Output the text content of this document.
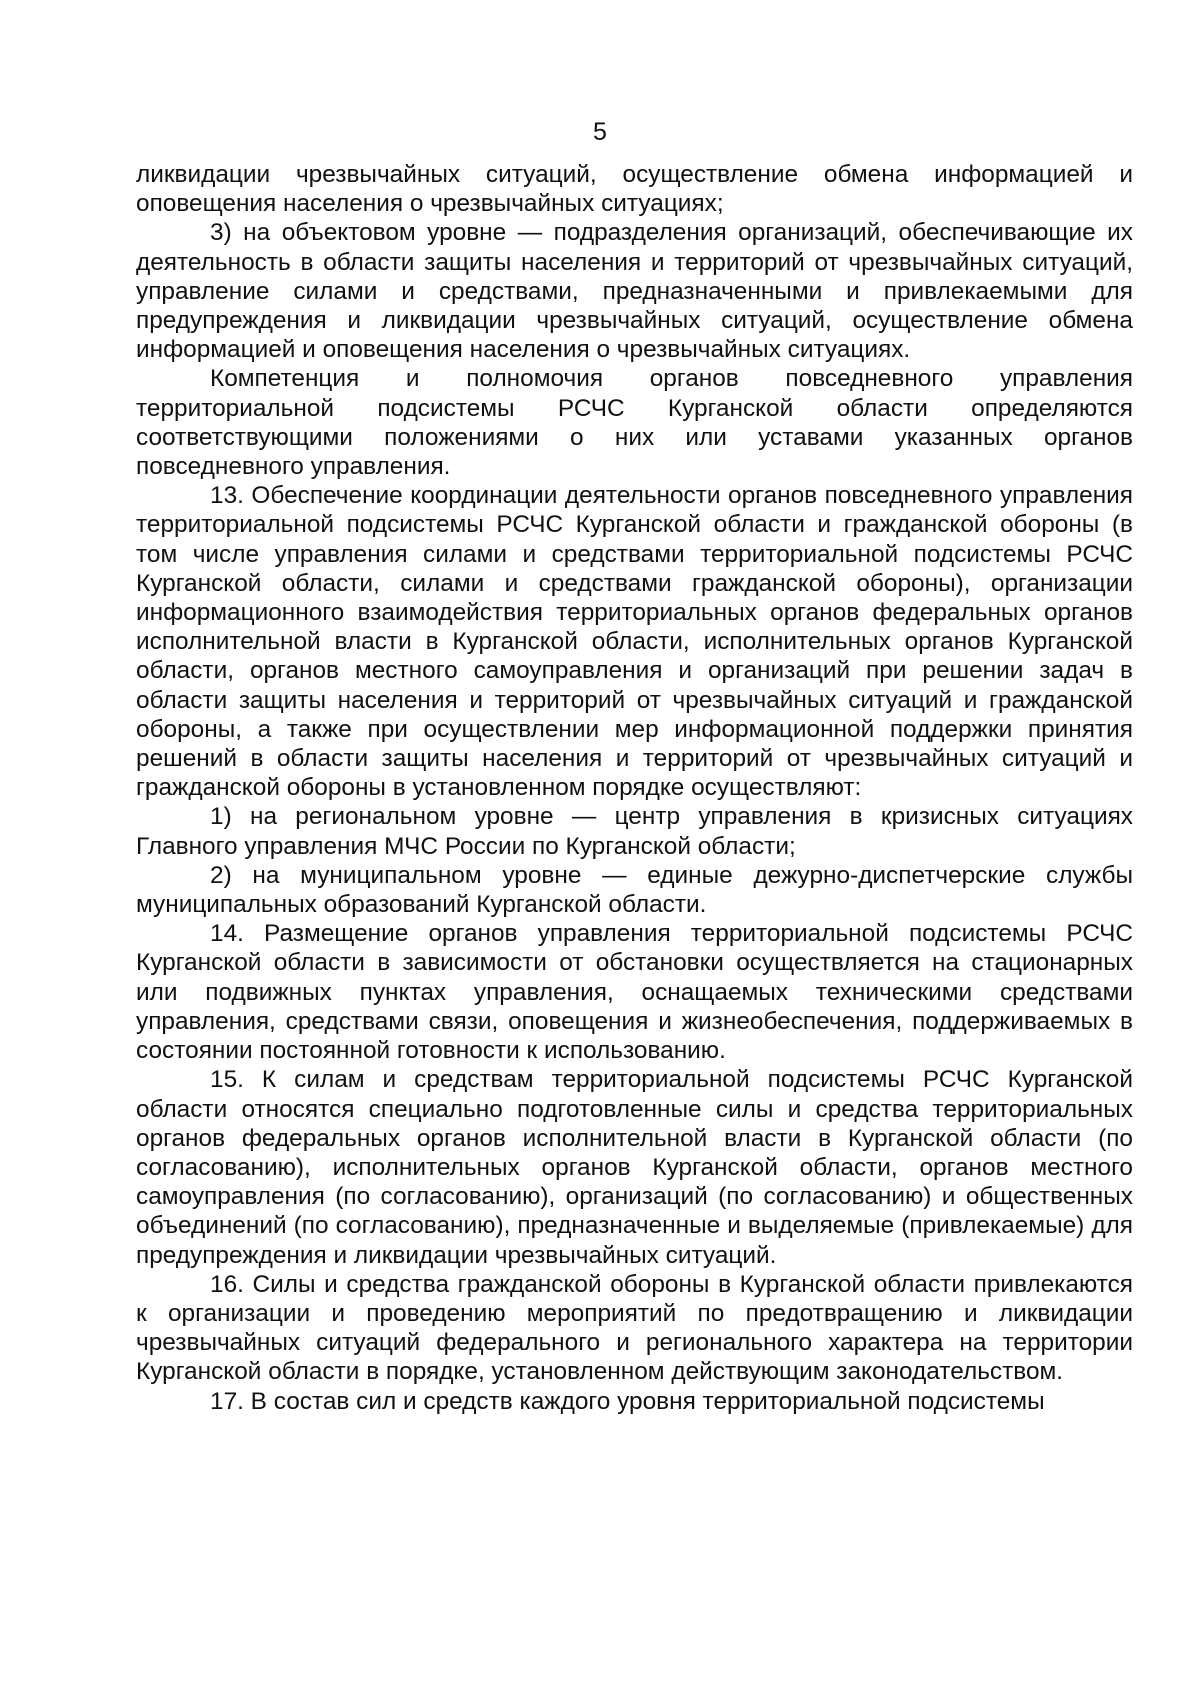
5

ликвидации чрезвычайных ситуаций, осуществление обмена информацией и оповещения населения о чрезвычайных ситуациях;

3) на объектовом уровне — подразделения организаций, обеспечивающие их деятельность в области защиты населения и территорий от чрезвычайных ситуаций, управление силами и средствами, предназначенными и привлекаемыми для предупреждения и ликвидации чрезвычайных ситуаций, осуществление обмена информацией и оповещения населения о чрезвычайных ситуациях.

Компетенция и полномочия органов повседневного управления территориальной подсистемы РСЧС Курганской области определяются соответствующими положениями о них или уставами указанных органов повседневного управления.

13. Обеспечение координации деятельности органов повседневного управления территориальной подсистемы РСЧС Курганской области и гражданской обороны (в том числе управления силами и средствами территориальной подсистемы РСЧС Курганской области, силами и средствами гражданской обороны), организации информационного взаимодействия территориальных органов федеральных органов исполнительной власти в Курганской области, исполнительных органов Курганской области, органов местного самоуправления и организаций при решении задач в области защиты населения и территорий от чрезвычайных ситуаций и гражданской обороны, а также при осуществлении мер информационной поддержки принятия решений в области защиты населения и территорий от чрезвычайных ситуаций и гражданской обороны в установленном порядке осуществляют:

1) на региональном уровне — центр управления в кризисных ситуациях Главного управления МЧС России по Курганской области;

2) на муниципальном уровне — единые дежурно-диспетчерские службы муниципальных образований Курганской области.

14. Размещение органов управления территориальной подсистемы РСЧС Курганской области в зависимости от обстановки осуществляется на стационарных или подвижных пунктах управления, оснащаемых техническими средствами управления, средствами связи, оповещения и жизнеобеспечения, поддерживаемых в состоянии постоянной готовности к использованию.

15. К силам и средствам территориальной подсистемы РСЧС Курганской области относятся специально подготовленные силы и средства территориальных органов федеральных органов исполнительной власти в Курганской области (по согласованию), исполнительных органов Курганской области, органов местного самоуправления (по согласованию), организаций (по согласованию) и общественных объединений (по согласованию), предназначенные и выделяемые (привлекаемые) для предупреждения и ликвидации чрезвычайных ситуаций.

16. Силы и средства гражданской обороны в Курганской области привлекаются к организации и проведению мероприятий по предотвращению и ликвидации чрезвычайных ситуаций федерального и регионального характера на территории Курганской области в порядке, установленном действующим законодательством.

17. В состав сил и средств каждого уровня территориальной подсистемы
